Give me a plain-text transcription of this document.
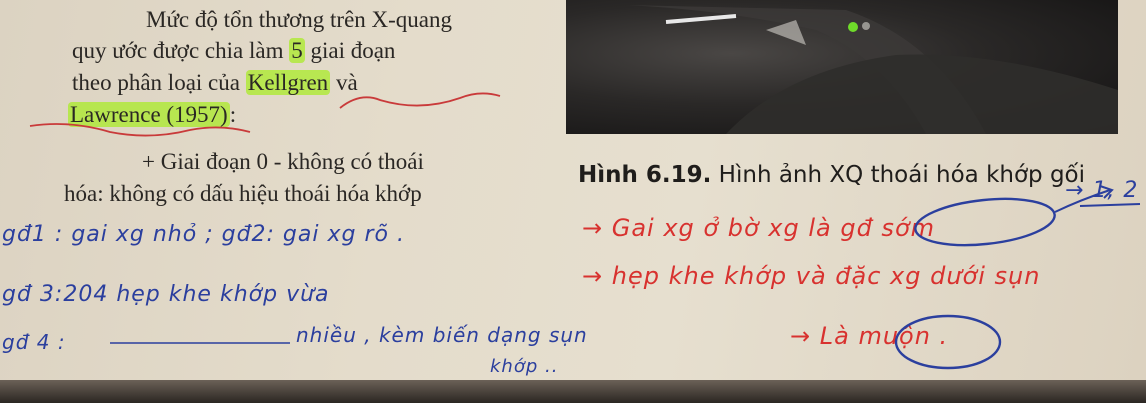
Mức độ tổn thương trên X-quang
quy ước được chia làm 5 giai đoạn
theo phân loại của Kellgren và
Lawrence (1957):
+ Giai đoạn 0 - không có thoái
hóa: không có dấu hiệu thoái hóa khớp
Hình 6.19. Hình ảnh XQ thoái hóa khớp gối
gđ1 : gai xg nhỏ ; gđ2: gai xg rõ .
gđ 3:204 hẹp khe khớp vừa
gđ 4 :	nhiều , kèm biến dạng sụn
khớp ..
→ Gai xg ở bờ xg là gđ sớm
→ 1, 2
→ hẹp khe khớp và đặc xg dưới sụn
→ Là muộn .
